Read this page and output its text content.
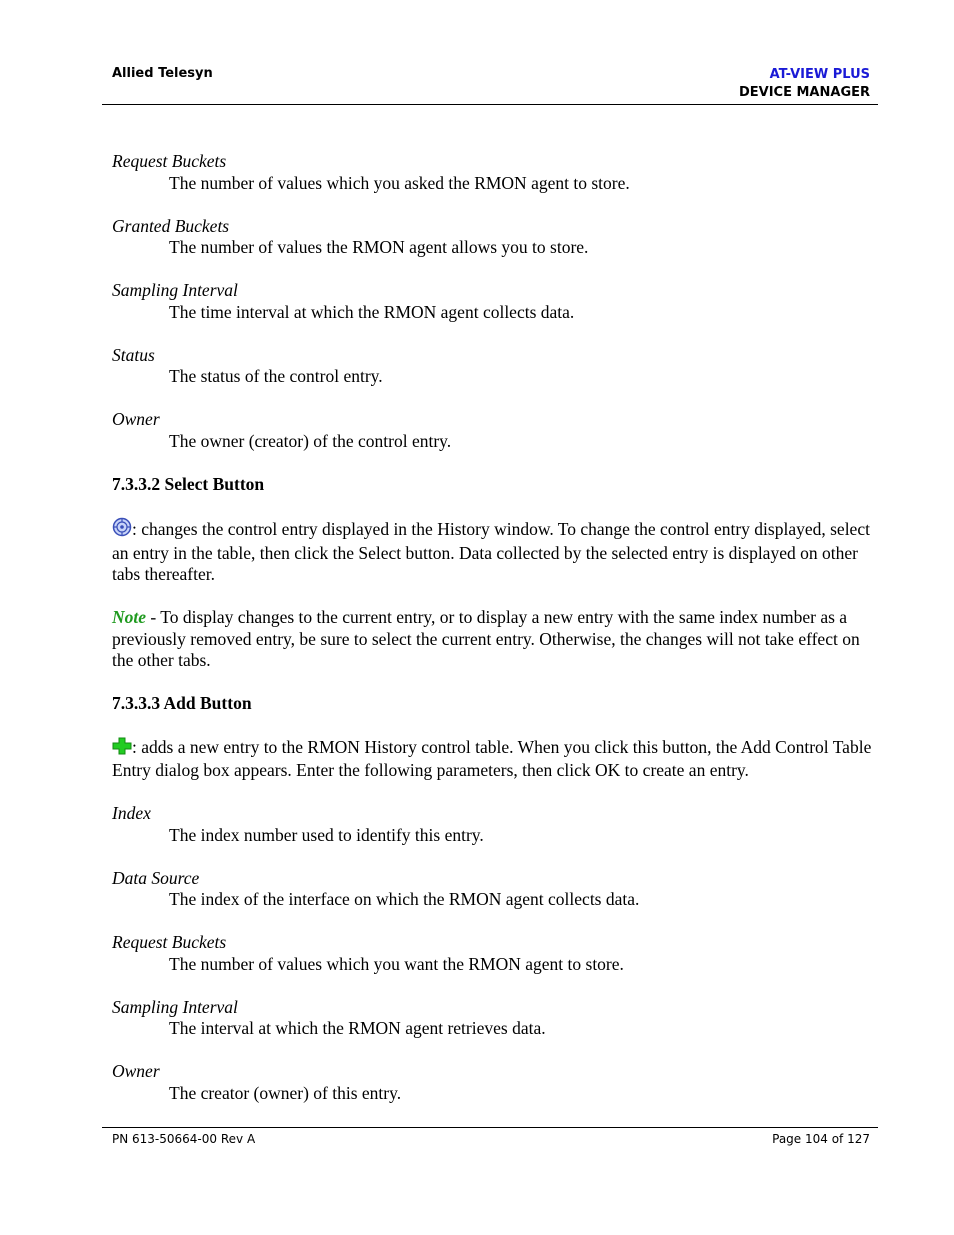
Allied Telesyn	AT-VIEW PLUS
DEVICE MANAGER
Request Buckets
The number of values which you asked the RMON agent to store.
Granted Buckets
The number of values the RMON agent allows you to store.
Sampling Interval
The time interval at which the RMON agent collects data.
Status
The status of the control entry.
Owner
The owner (creator) of the control entry.
7.3.3.2 Select Button
: changes the control entry displayed in the History window. To change the control entry displayed, select an entry in the table, then click the Select button. Data collected by the selected entry is displayed on other tabs thereafter.
Note - To display changes to the current entry, or to display a new entry with the same index number as a previously removed entry, be sure to select the current entry. Otherwise, the changes will not take effect on the other tabs.
7.3.3.3 Add Button
: adds a new entry to the RMON History control table. When you click this button, the Add Control Table Entry dialog box appears. Enter the following parameters, then click OK to create an entry.
Index
The index number used to identify this entry.
Data Source
The index of the interface on which the RMON agent collects data.
Request Buckets
The number of values which you want the RMON agent to store.
Sampling Interval
The interval at which the RMON agent retrieves data.
Owner
The creator (owner) of this entry.
PN 613-50664-00 Rev A	Page 104 of 127
